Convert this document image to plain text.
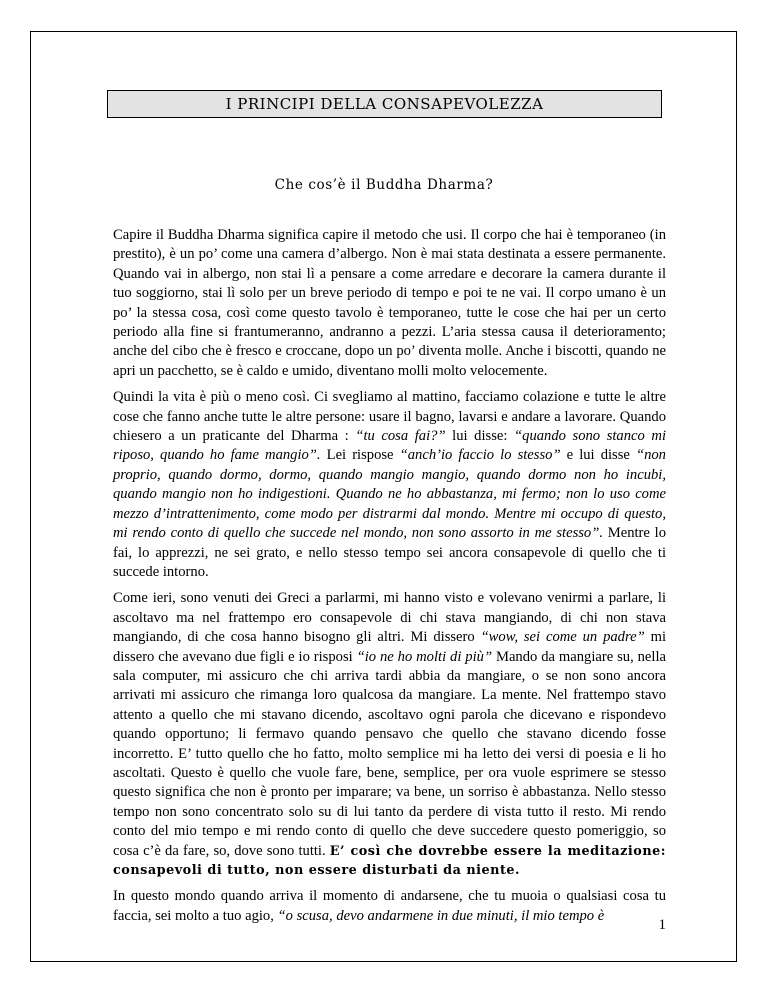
I PRINCIPI DELLA CONSAPEVOLEZZA
Che cos’è il Buddha Dharma?

Capire il Buddha Dharma significa capire il metodo che usi. Il corpo che hai è temporaneo (in prestito), è un po’ come una camera d’albergo. Non è mai stata destinata a essere permanente. Quando vai in albergo, non stai lì a pensare a come arredare e decorare la camera durante il tuo soggiorno, stai lì solo per un breve periodo di tempo e poi te ne vai. Il corpo umano è un po’ la stessa cosa, così come questo tavolo è temporaneo, tutte le cose che hai per un certo periodo alla fine si frantumeranno, andranno a pezzi. L’aria stessa causa il deterioramento; anche del cibo che è fresco e croccane, dopo un po’ diventa molle. Anche i biscotti, quando ne apri un pacchetto, se è caldo e umido, diventano molli molto velocemente.

Quindi la vita è più o meno così. Ci svegliamo al mattino, facciamo colazione e tutte le altre cose che fanno anche tutte le altre persone: usare il bagno, lavarsi e andare a lavorare. Quando chiesero a un praticante del Dharma : “tu cosa fai?” lui disse: “quando sono stanco mi riposo, quando ho fame mangio”. Lei rispose “anch’io faccio lo stesso” e lui disse “non proprio, quando dormo, dormo, quando mangio mangio, quando dormo non ho incubi, quando mangio non ho indigestioni. Quando ne ho abbastanza, mi fermo; non lo uso come mezzo d’intrattenimento, come modo per distrarmi dal mondo. Mentre mi occupo di questo, mi rendo conto di quello che succede nel mondo, non sono assorto in me stesso”. Mentre lo fai, lo apprezzi, ne sei grato, e nello stesso tempo sei ancora consapevole di quello che ti succede intorno.

Come ieri, sono venuti dei Greci a parlarmi, mi hanno visto e volevano venirmi a parlare, li ascoltavo ma nel frattempo ero consapevole di chi stava mangiando, di chi non stava mangiando, di che cosa hanno bisogno gli altri. Mi dissero “wow, sei come un padre” mi dissero che avevano due figli e io risposi “io ne ho molti di più” Mando da mangiare su, nella sala computer, mi assicuro che chi arriva tardi abbia da mangiare, o se non sono ancora arrivati mi assicuro che rimanga loro qualcosa da mangiare. La mente. Nel frattempo stavo attento a quello che mi stavano dicendo, ascoltavo ogni parola che dicevano e rispondevo quando opportuno; li fermavo quando pensavo che quello che stavano dicendo fosse incorretto. E’ tutto quello che ho fatto, molto semplice mi ha letto dei versi di poesia e li ho ascoltati. Questo è quello che vuole fare, bene, semplice, per ora vuole esprimere se stesso questo significa che non è pronto per imparare; va bene, un sorriso è abbastanza. Nello stesso tempo non sono concentrato solo su di lui tanto da perdere di vista tutto il resto. Mi rendo conto del mio tempo e mi rendo conto di quello che deve succedere questo pomeriggio, so cosa c’è da fare, so, dove sono tutti. E’ così che dovrebbe essere la meditazione: consapevoli di tutto, non essere disturbati da niente.

In questo mondo quando arriva il momento di andarsene, che tu muoia o qualsiasi cosa tu faccia, sei molto a tuo agio, “o scusa, devo andarmene in due minuti, il mio tempo è

1
